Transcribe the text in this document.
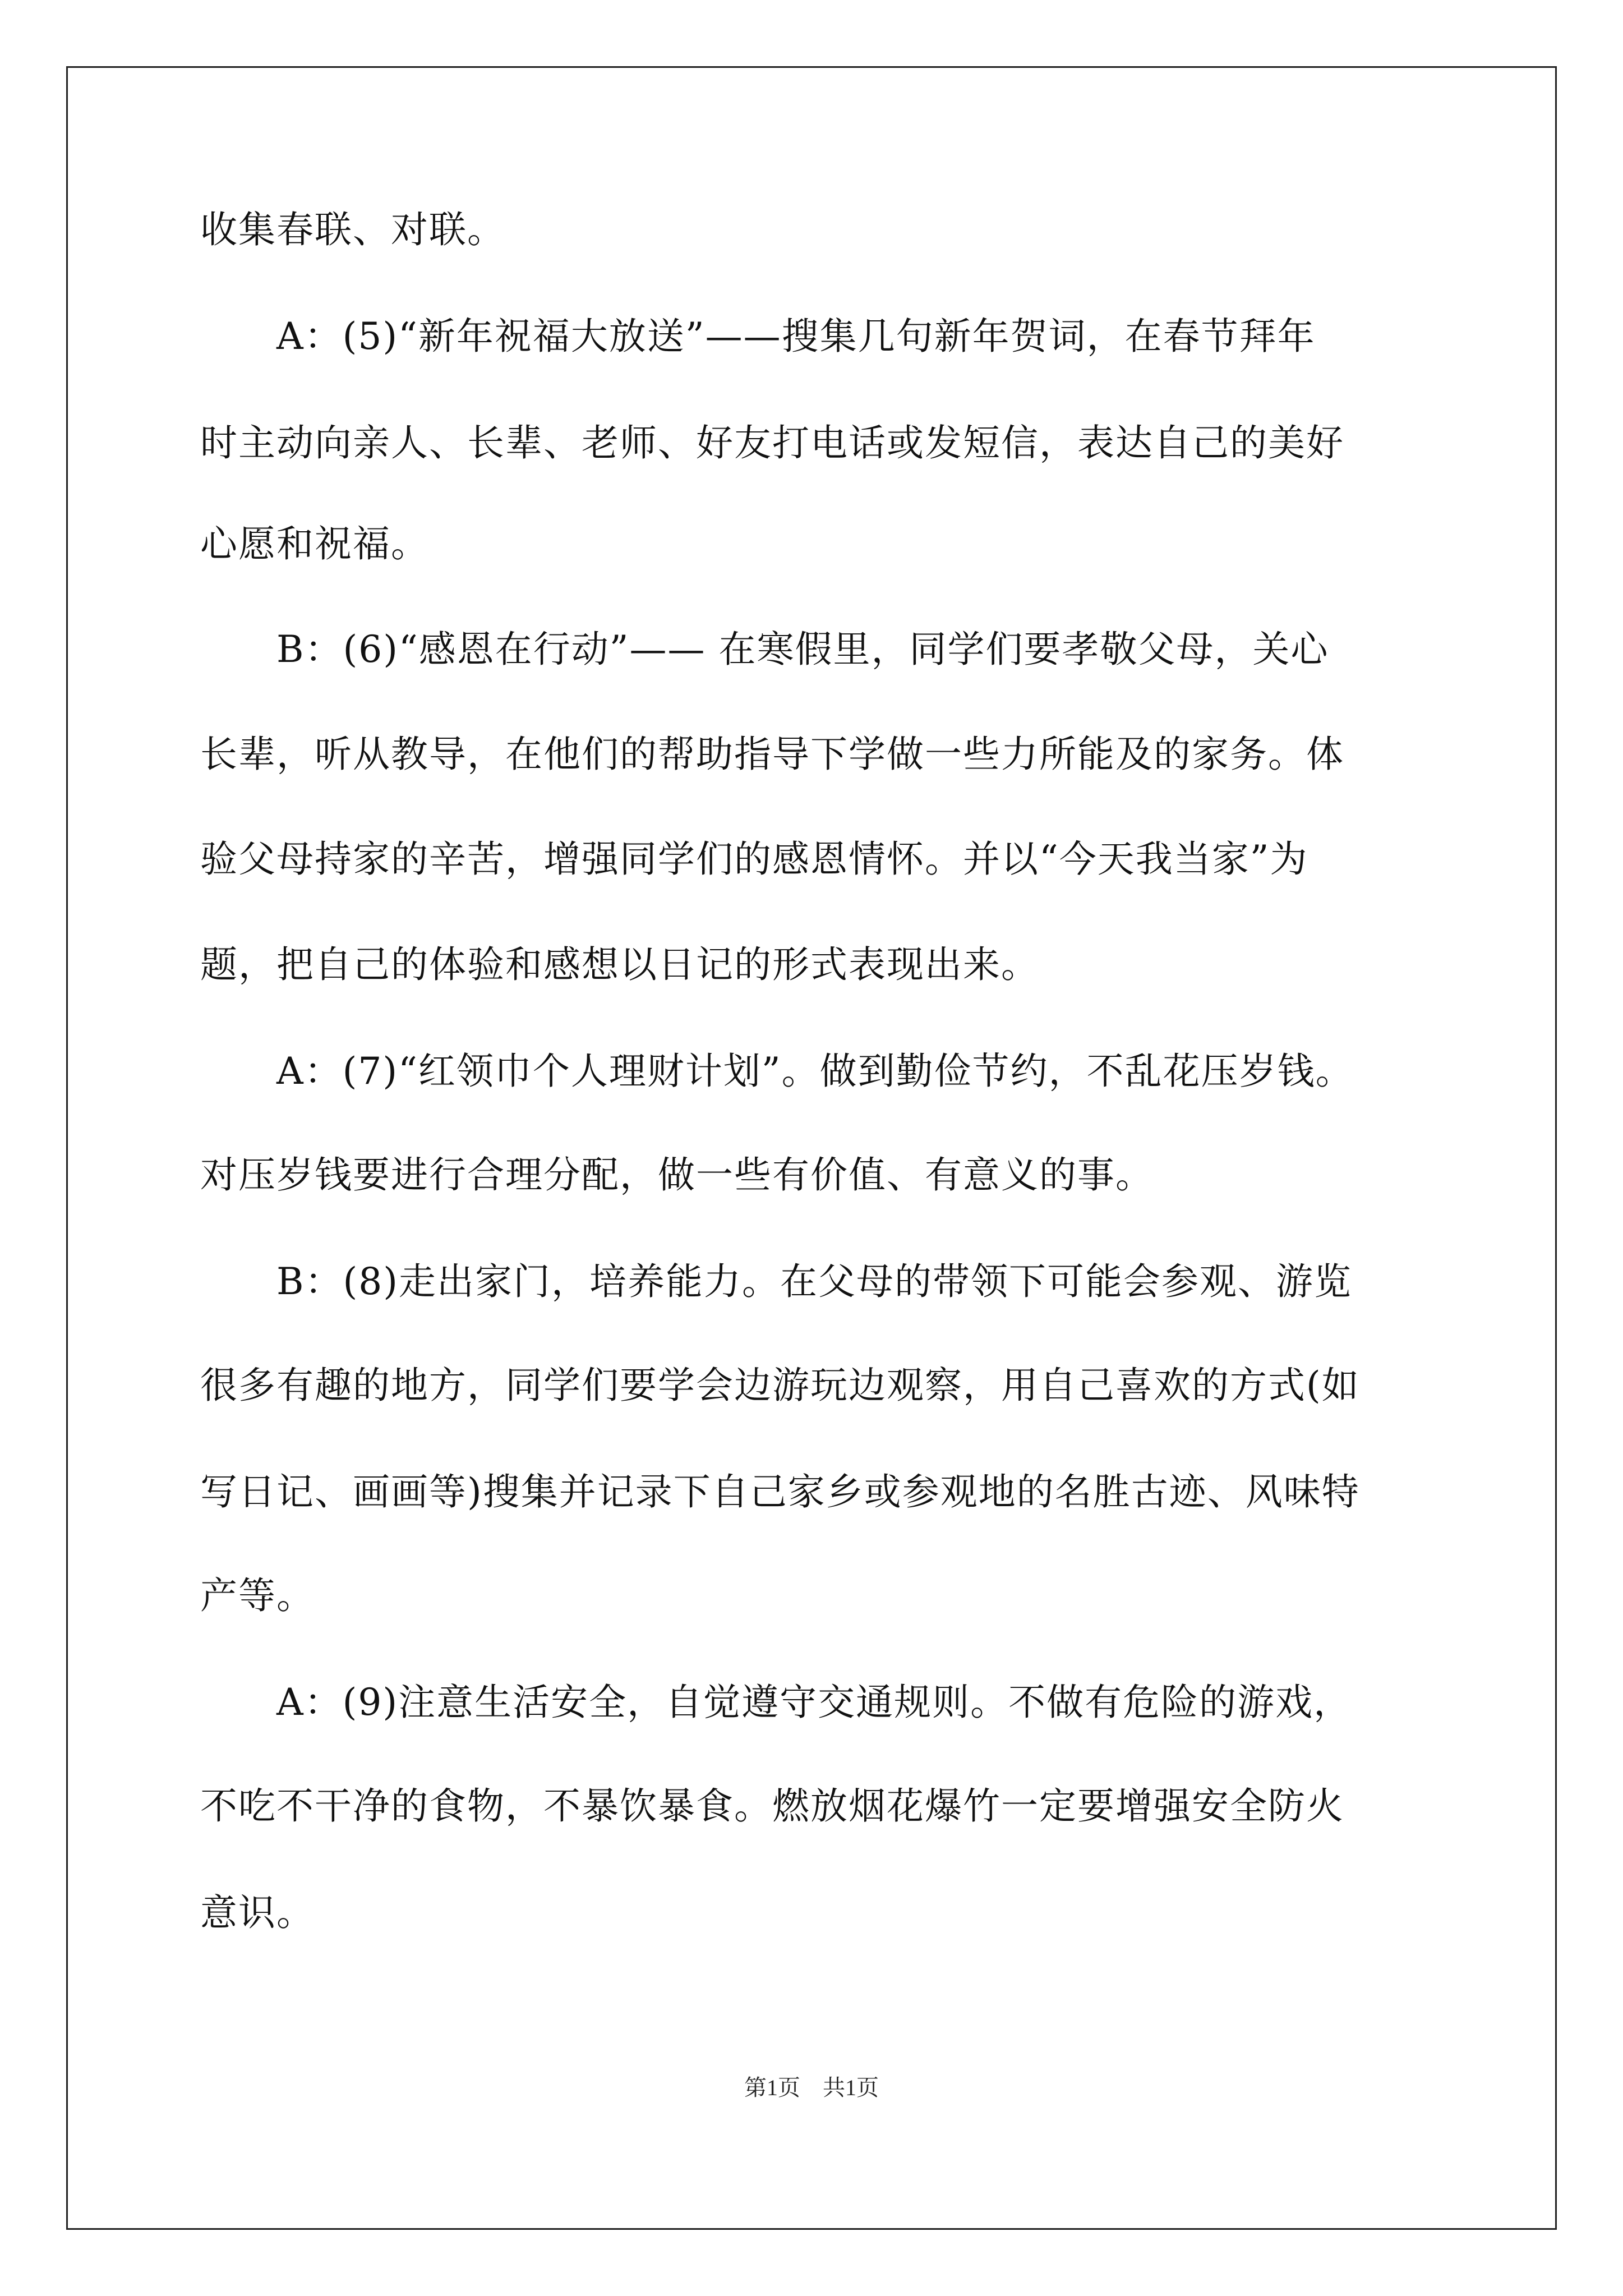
收集春联、对联。
　　A：(5)“新年祝福大放送”——搜集几句新年贺词，在春节拜年
时主动向亲人、长辈、老师、好友打电话或发短信，表达自己的美好
心愿和祝福。
　　B：(6)“感恩在行动”—— 在寒假里，同学们要孝敬父母，关心
长辈，听从教导，在他们的帮助指导下学做一些力所能及的家务。体
验父母持家的辛苦，增强同学们的感恩情怀。并以“今天我当家”为
题，把自己的体验和感想以日记的形式表现出来。
　　A：(7)“红领巾个人理财计划”。做到勤俭节约，不乱花压岁钱。
对压岁钱要进行合理分配，做一些有价值、有意义的事。
　　B：(8)走出家门，培养能力。在父母的带领下可能会参观、游览
很多有趣的地方，同学们要学会边游玩边观察，用自己喜欢的方式(如
写日记、画画等)搜集并记录下自己家乡或参观地的名胜古迹、风味特
产等。
　　A：(9)注意生活安全，自觉遵守交通规则。不做有危险的游戏，
不吃不干净的食物，不暴饮暴食。燃放烟花爆竹一定要增强安全防火
意识。
第1页　共1页
